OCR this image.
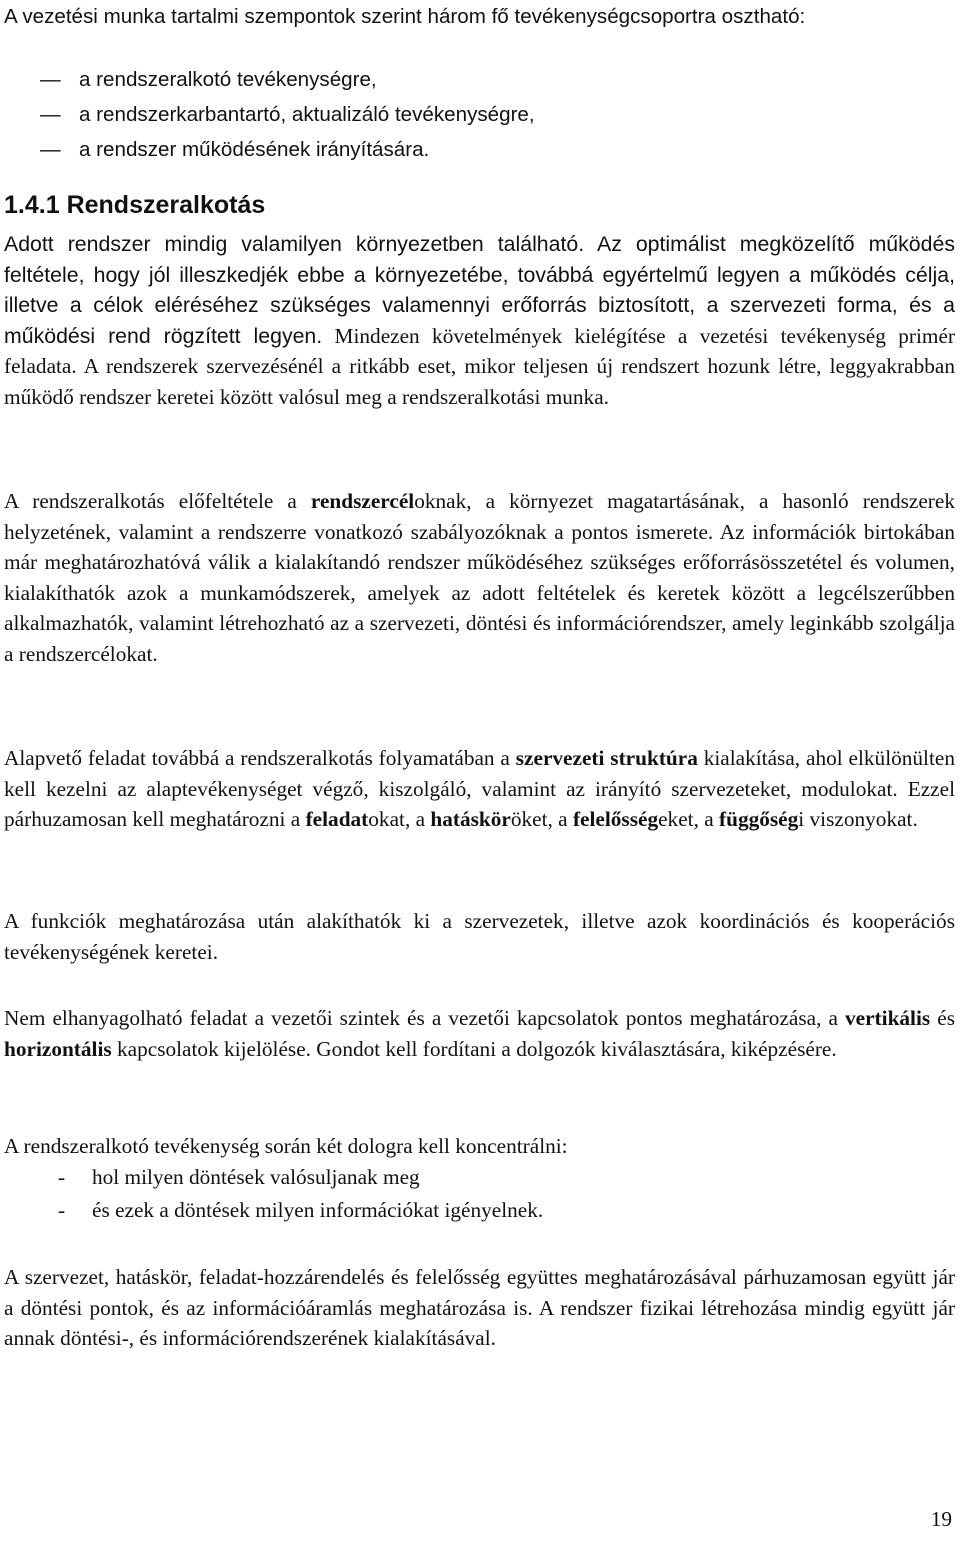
A vezetési munka tartalmi szempontok szerint három fő tevékenységcsoportra osztható:

— a rendszeralkotó tevékenységre,
— a rendszerkarbantartó, aktualizáló tevékenységre,
— a rendszer működésének irányítására.
1.4.1 Rendszeralkotás

Adott rendszer mindig valamilyen környezetben található. Az optimálist megközelítő működés feltétele, hogy jól illeszkedjék ebbe a környezetébe, továbbá egyértelmű legyen a működés célja, illetve a célok eléréséhez szükséges valamennyi erőforrás biztosított, a szervezeti forma, és a működési rend rögzített legyen. Mindezen követelmények kielégítése a vezetési tevékenység primér feladata. A rendszerek szervezésénél a ritkább eset, mikor teljesen új rendszert hozunk létre, leggyakrabban működő rendszer keretei között valósul meg a rendszeralkotási munka.

A rendszeralkotás előfeltétele a rendszercéloknak, a környezet magatartásának, a hasonló rendszerek helyzetének, valamint a rendszerre vonatkozó szabályozóknak a pontos ismerete. Az információk birtokában már meghatározhatóvá válik a kialakítandó rendszer működéséhez szükséges erőforrásösszetétel és volumen, kialakíthatók azok a munkamódszerek, amelyek az adott feltételek és keretek között a legcélszerűbben alkalmazhatók, valamint létrehozható az a szervezeti, döntési és információrendszer, amely leginkább szolgálja a rendszercélokat.

Alapvető feladat továbbá a rendszeralkotás folyamatában a szervezeti struktúra kialakítása, ahol elkülönülten kell kezelni az alaptevékenységet végző, kiszolgáló, valamint az irányító szervezeteket, modulokat. Ezzel párhuzamosan kell meghatározni a feladatokat, a hatásköröket, a felelősségeket, a függőségi viszonyokat.

A funkciók meghatározása után alakíthatók ki a szervezetek, illetve azok koordinációs és kooperációs tevékenységének keretei.

Nem elhanyagolható feladat a vezetői szintek és a vezetői kapcsolatok pontos meghatározása, a vertikális és horizontális kapcsolatok kijelölése. Gondot kell fordítani a dolgozók kiválasztására, kiképzésére.

A rendszeralkotó tevékenység során két dologra kell koncentrálni:

- hol milyen döntések valósuljanak meg
- és ezek a döntések milyen információkat igényelnek.

A szervezet, hatáskör, feladat-hozzárendelés és felelősség együttes meghatározásával párhuzamosan együtt jár a döntési pontok, és az információáramlás meghatározása is. A rendszer fizikai létrehozása mindig együtt jár annak döntési-, és információrendszerének kialakításával.

19
